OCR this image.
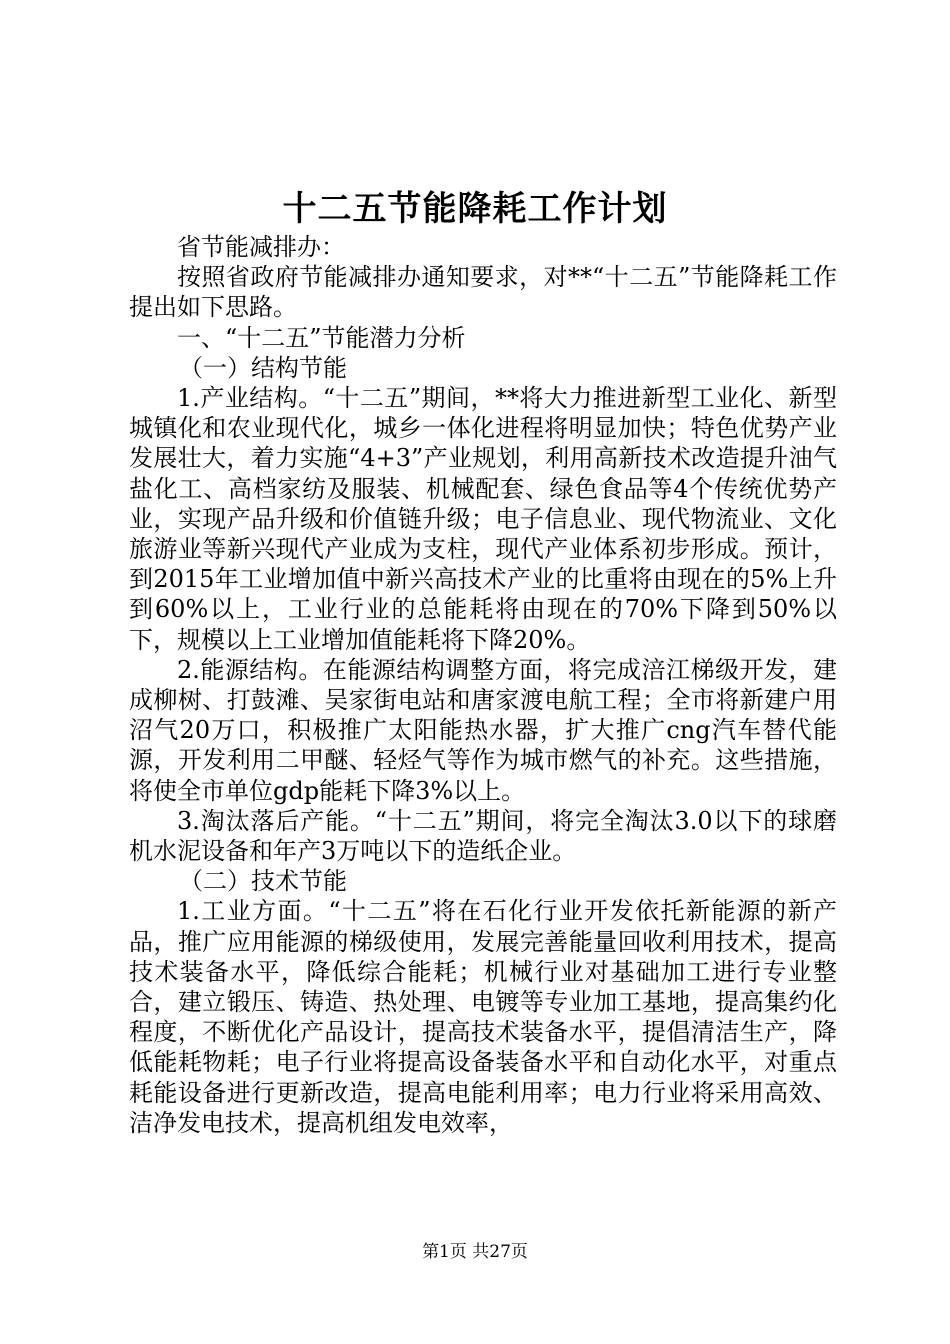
十二五节能降耗工作计划

省节能减排办：

按照省政府节能减排办通知要求，对**“十二五”节能降耗工作提出如下思路。

一、“十二五”节能潜力分析

（一）结构节能

1.产业结构。“十二五”期间，**将大力推进新型工业化、新型城镇化和农业现代化，城乡一体化进程将明显加快；特色优势产业发展壮大，着力实施“4+3”产业规划，利用高新技术改造提升油气盐化工、高档家纺及服装、机械配套、绿色食品等4个传统优势产业，实现产品升级和价值链升级；电子信息业、现代物流业、文化旅游业等新兴现代产业成为支柱，现代产业体系初步形成。预计，到2015年工业增加值中新兴高技术产业的比重将由现在的5%上升到60%以上，工业行业的总能耗将由现在的70%下降到50%以下，规模以上工业增加值能耗将下降20%。

2.能源结构。在能源结构调整方面，将完成涪江梯级开发，建成柳树、打鼓滩、吴家街电站和唐家渡电航工程；全市将新建户用沼气20万口，积极推广太阳能热水器，扩大推广cng汽车替代能源，开发利用二甲醚、轻烃气等作为城市燃气的补充。这些措施，将使全市单位gdp能耗下降3%以上。

3.淘汰落后产能。“十二五”期间，将完全淘汰3.0以下的球磨机水泥设备和年产3万吨以下的造纸企业。

（二）技术节能

1.工业方面。“十二五”将在石化行业开发依托新能源的新产品，推广应用能源的梯级使用，发展完善能量回收利用技术，提高技术装备水平，降低综合能耗；机械行业对基础加工进行专业整合，建立锻压、铸造、热处理、电镀等专业加工基地，提高集约化程度，不断优化产品设计，提高技术装备水平，提倡清洁生产，降低能耗物耗；电子行业将提高设备装备水平和自动化水平，对重点耗能设备进行更新改造，提高电能利用率；电力行业将采用高效、洁净发电技术，提高机组发电效率，

第1页 共27页
